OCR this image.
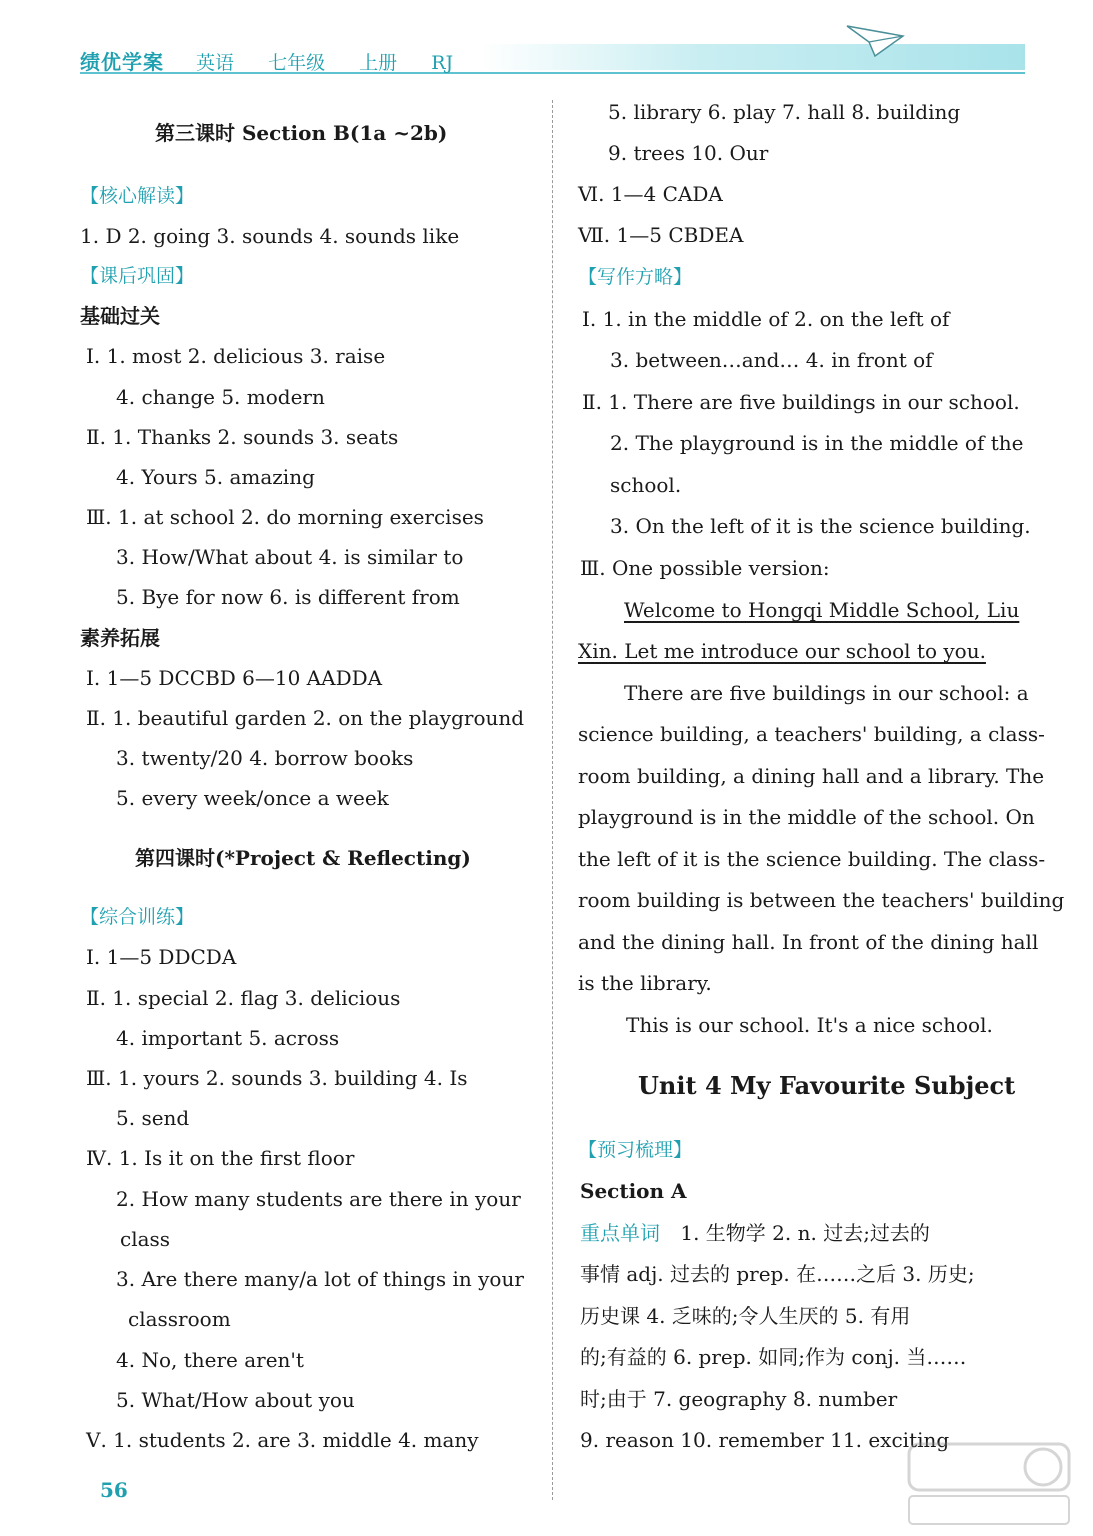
绩优学案 英语 七年级 上册 RJ
第三课时 Section B(1a ~2b)
【核心解读】
1. D 2. going 3. sounds 4. sounds like
【课后巩固】
基础过关
Ⅰ. 1. most 2. delicious 3. raise
4. change 5. modern
Ⅱ. 1. Thanks 2. sounds 3. seats
4. Yours 5. amazing
Ⅲ. 1. at school 2. do morning exercises
3. How/What about 4. is similar to
5. Bye for now 6. is different from
素养拓展
Ⅰ. 1—5 DCCBD 6—10 AADDA
Ⅱ. 1. beautiful garden 2. on the playground
3. twenty/20 4. borrow books
5. every week/once a week
第四课时(*Project & Reflecting)
【综合训练】
Ⅰ. 1—5 DDCDA
Ⅱ. 1. special 2. flag 3. delicious
4. important 5. across
Ⅲ. 1. yours 2. sounds 3. building 4. Is
5. send
Ⅳ. 1. Is it on the first floor
2. How many students are there in your
class
3. Are there many/a lot of things in your
classroom
4. No, there aren't
5. What/How about you
Ⅴ. 1. students 2. are 3. middle 4. many
5. library 6. play 7. hall 8. building
9. trees 10. Our
Ⅵ. 1—4 CADA
Ⅶ. 1—5 CBDEA
【写作方略】
Ⅰ. 1. in the middle of 2. on the left of
3. between…and… 4. in front of
Ⅱ. 1. There are five buildings in our school.
2. The playground is in the middle of the
school.
3. On the left of it is the science building.
Ⅲ. One possible version:
Welcome to Hongqi Middle School, Liu
Xin. Let me introduce our school to you.
There are five buildings in our school: a
science building, a teachers' building, a class-
room building, a dining hall and a library. The
playground is in the middle of the school. On
the left of it is the science building. The class-
room building is between the teachers' building
and the dining hall. In front of the dining hall
is the library.
This is our school. It's a nice school.
Unit 4 My Favourite Subject
【预习梳理】
Section A
重点单词 1. 生物学 2. n. 过去;过去的
事情 adj. 过去的 prep. 在……之后 3. 历史;
历史课 4. 乏味的;令人生厌的 5. 有用
的;有益的 6. prep. 如同;作为 conj. 当……
时;由于 7. geography 8. number
9. reason 10. remember 11. exciting
56
